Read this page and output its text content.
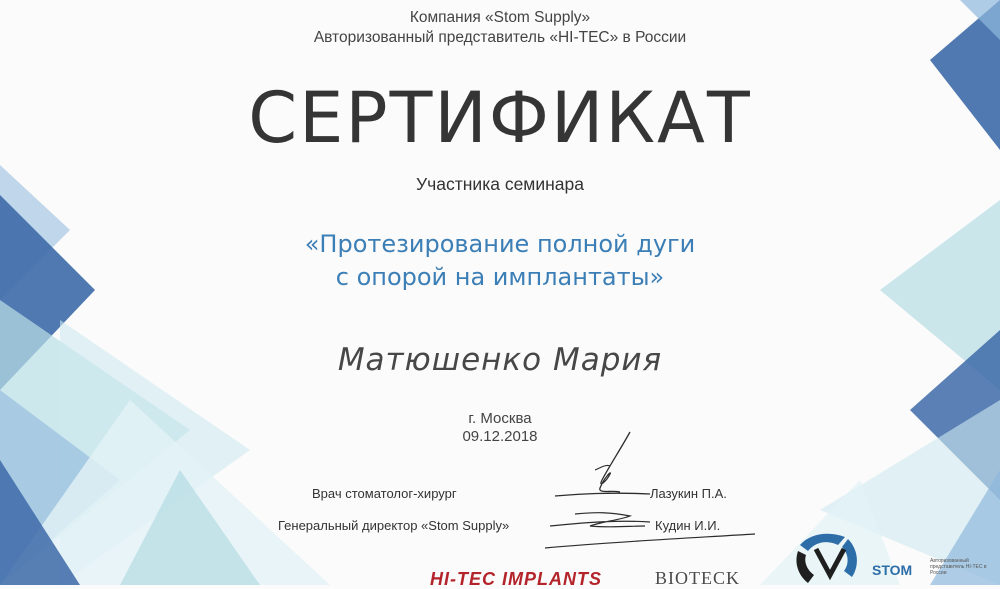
Компания «Stom Supply»
Авторизованный представитель «HI-TEC» в России
СЕРТИФИКАТ
Участника семинара
«Протезирование полной дуги
с опорой на имплантаты»
Матюшенко Мария
г. Москва
09.12.2018
Врач стоматолог-хирург	Лазукин П.А.
Генеральный директор «Stom Supply»	Кудин И.И.
HI-TEC IMPLANTS	BIOTECK	STOM
Авторизованный представитель HI-TEC в России
